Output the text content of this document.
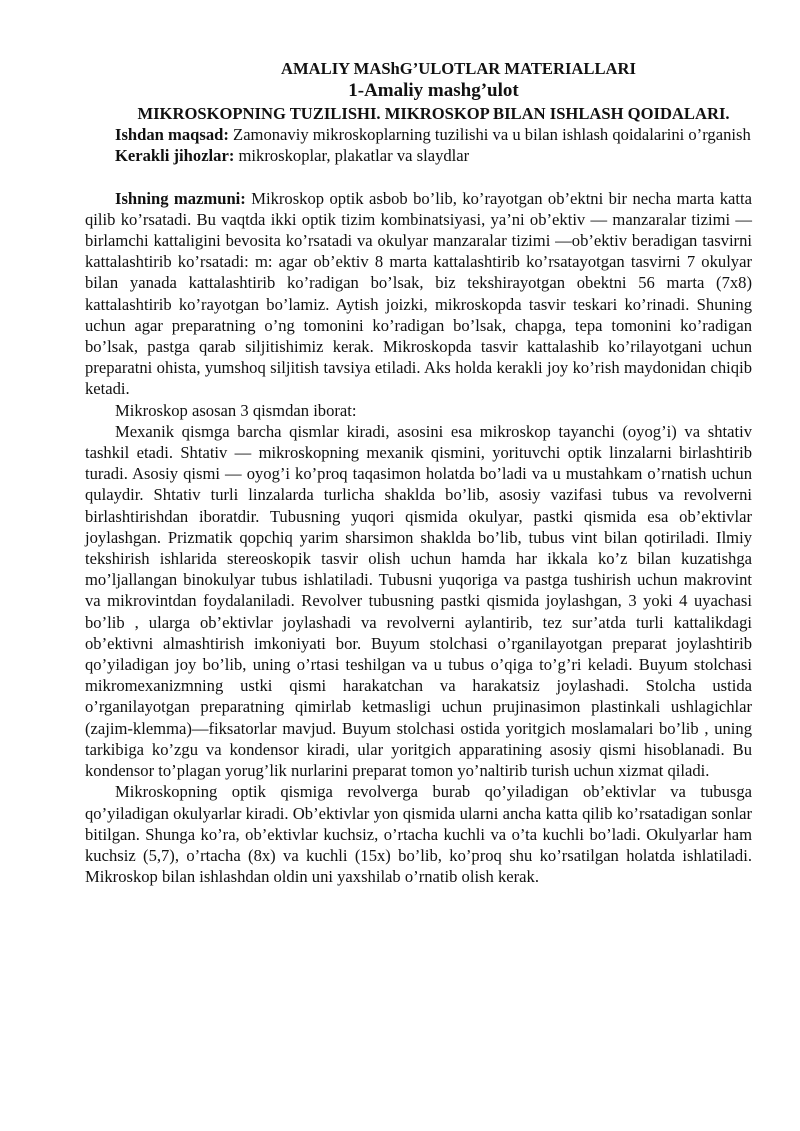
AMALIY MAShG’ULOTLAR MATERIALLARI

1-Amaliy mashg’ulot

MIKROSKOPNING TUZILISHI. MIKROSKOP BILAN ISHLASH QOIDALARI.

Ishdan maqsad: Zamonaviy mikroskoplarning tuzilishi va u bilan ishlash qoidalarini o’rganish

Kerakli jihozlar: mikroskoplar, plakatlar va slaydlar

Ishning mazmuni: Mikroskop optik asbob bo’lib, ko’rayotgan ob’ektni bir necha marta katta qilib ko’rsatadi. Bu vaqtda ikki optik tizim kombinatsiyasi, ya’ni ob’ektiv — manzaralar tizimi — birlamchi kattaligini bevosita ko’rsatadi va okulyar manzaralar tizimi —ob’ektiv beradigan tasvirni kattalashtirib ko’rsatadi: m: agar ob’ektiv 8 marta kattalashtirib ko’rsatayotgan tasvirni 7 okulyar bilan yanada kattalashtirib ko’radigan bo’lsak, biz tekshirayotgan obektni 56 marta (7x8) kattalashtirib ko’rayotgan bo’lamiz. Aytish joizki, mikroskopda tasvir teskari ko’rinadi. Shuning uchun agar preparatning o’ng tomonini ko’radigan bo’lsak, chapga, tepa tomonini ko’radigan bo’lsak, pastga qarab siljitishimiz kerak. Mikroskopda tasvir kattalashib ko’rilayotgani uchun preparatni ohista, yumshoq siljitish tavsiya etiladi. Aks holda kerakli joy ko’rish maydonidan chiqib ketadi.

Mikroskop asosan 3 qismdan iborat:

Mexanik qismga barcha qismlar kiradi, asosini esa mikroskop tayanchi (oyog’i) va shtativ tashkil etadi. Shtativ — mikroskopning mexanik qismini, yorituvchi optik linzalarni birlashtirib turadi. Asosiy qismi — oyog’i ko’proq taqasimon holatda bo’ladi va u mustahkam o’rnatish uchun qulaydir. Shtativ turli linzalarda turlicha shaklda bo’lib, asosiy vazifasi tubus va revolverni birlashtirishdan iboratdir. Tubusning yuqori qismida okulyar, pastki qismida esa ob’ektivlar joylashgan. Prizmatik qopchiq yarim sharsimon shaklda bo’lib, tubus vint bilan qotiriladi. Ilmiy tekshirish ishlarida stereoskopik tasvir olish uchun hamda har ikkala ko’z bilan kuzatishga mo’ljallangan binokulyar tubus ishlatiladi. Tubusni yuqoriga va pastga tushirish uchun makrovint va mikrovintdan foydalaniladi. Revolver tubusning pastki qismida joylashgan, 3 yoki 4 uyachasi bo’lib , ularga ob’ektivlar joylashadi va revolverni aylantirib, tez sur’atda turli kattalikdagi ob’ektivni almashtirish imkoniyati bor. Buyum stolchasi o’rganilayotgan preparat joylashtirib qo’yiladigan joy bo’lib, uning o’rtasi teshilgan va u tubus o’qiga to’g’ri keladi. Buyum stolchasi mikromexanizmning ustki qismi harakatchan va harakatsiz joylashadi. Stolcha ustida o’rganilayotgan preparatning qimirlab ketmasligi uchun prujinasimon plastinkali ushlagichlar (zajim-klemma)—fiksatorlar mavjud. Buyum stolchasi ostida yoritgich moslamalari bo’lib , uning tarkibiga ko’zgu va kondensor kiradi, ular yoritgich apparatining asosiy qismi hisoblanadi. Bu kondensor to’plagan yorug’lik nurlarini preparat tomon yo’naltirib turish uchun xizmat qiladi.

Mikroskopning optik qismiga revolverga burab qo’yiladigan ob’ektivlar va tubusga qo’yiladigan okulyarlar kiradi. Ob’ektivlar yon qismida ularni ancha katta qilib ko’rsatadigan sonlar bitilgan. Shunga ko’ra, ob’ektivlar kuchsiz, o’rtacha kuchli va o’ta kuchli bo’ladi. Okulyarlar ham kuchsiz (5,7), o’rtacha (8x) va kuchli (15x) bo’lib, ko’proq shu ko’rsatilgan holatda ishlatiladi. Mikroskop bilan ishlashdan oldin uni yaxshilab o’rnatib olish kerak.
